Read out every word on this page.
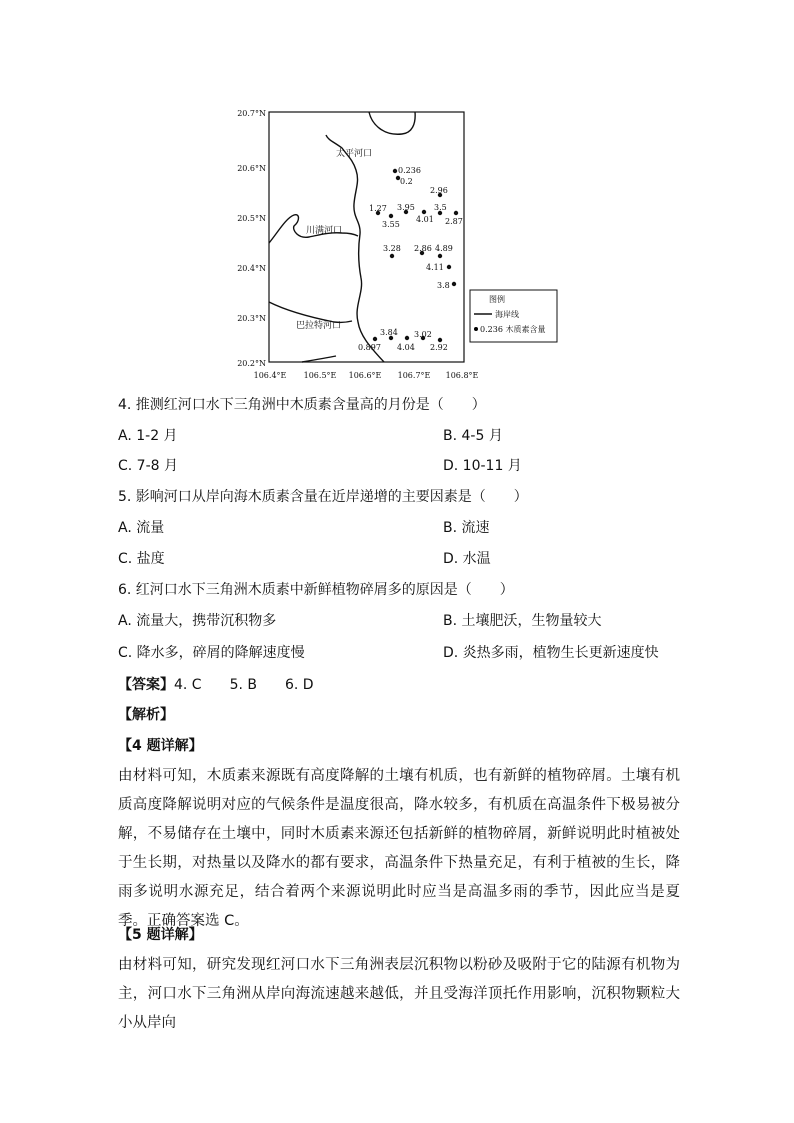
20.7°N
20.6°N
20.5°N
20.4°N
20.3°N
20.2°N
106.4°E 106.5°E 106.6°E 106.7°E 106.8°E
太平河口
川满河口
巴拉特河口
0.236
0.2
2.96
1.27 3.95 3.5
3.55
4.01 2.87
3.28 2.86 4.89
4.11
3.8
3.84 3.02
0.897 4.04 2.92
图例
海岸线
0.236 木质素含量
4. 推测红河口水下三角洲中木质素含量高的月份是（　　）
A. 1-2 月	B. 4-5 月
C. 7-8 月	D. 10-11 月
5. 影响河口从岸向海木质素含量在近岸递增的主要因素是（　　）
A. 流量	B. 流速
C. 盐度	D. 水温
6. 红河口水下三角洲木质素中新鲜植物碎屑多的原因是（　　）
A. 流量大，携带沉积物多	B. 土壤肥沃，生物量较大
C. 降水多，碎屑的降解速度慢	D. 炎热多雨，植物生长更新速度快
【答案】4. C　　5. B　　6. D
【解析】
【4 题详解】
由材料可知，木质素来源既有高度降解的土壤有机质，也有新鲜的植物碎屑。土壤有机质高度降解说明对应的气候条件是温度很高，降水较多，有机质在高温条件下极易被分解，不易储存在土壤中，同时木质素来源还包括新鲜的植物碎屑，新鲜说明此时植被处于生长期，对热量以及降水的都有要求，高温条件下热量充足，有利于植被的生长，降雨多说明水源充足，结合着两个来源说明此时应当是高温多雨的季节，因此应当是夏季。正确答案选 C。
【5 题详解】
由材料可知，研究发现红河口水下三角洲表层沉积物以粉砂及吸附于它的陆源有机物为主，河口水下三角洲从岸向海流速越来越低，并且受海洋顶托作用影响，沉积物颗粒大小从岸向
